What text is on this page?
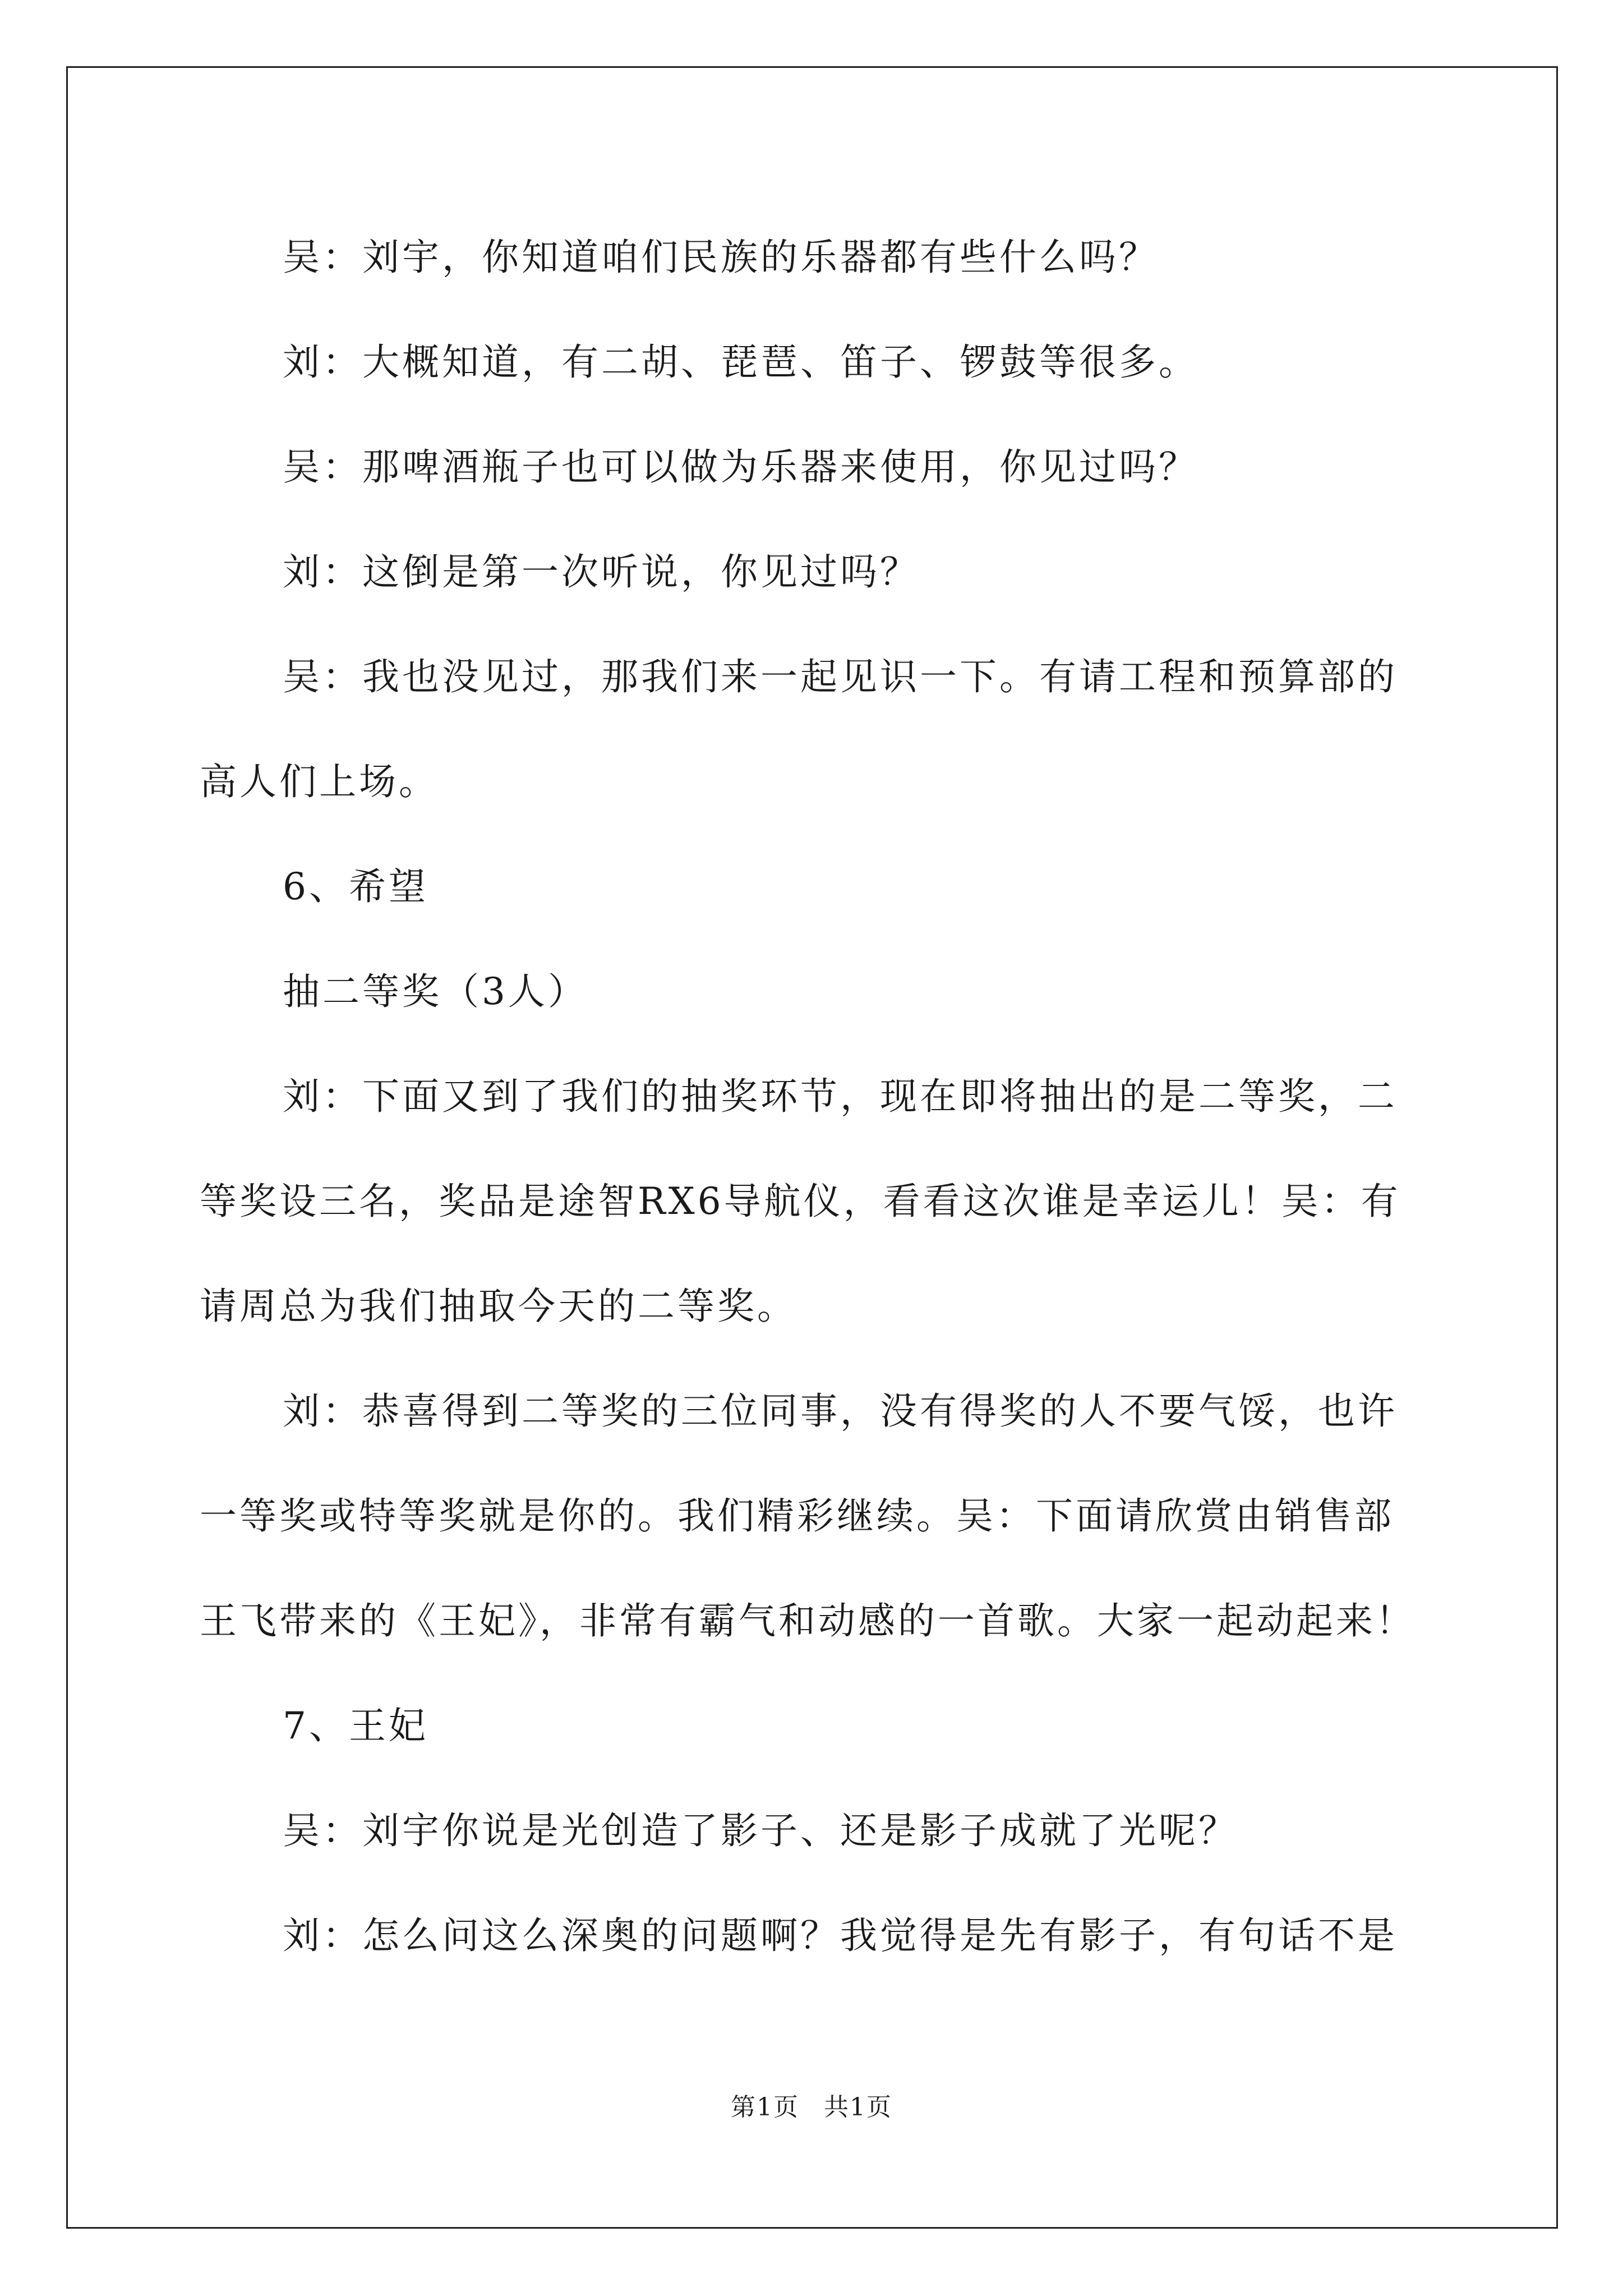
吴：刘宇，你知道咱们民族的乐器都有些什么吗？

刘：大概知道，有二胡、琵琶、笛子、锣鼓等很多。

吴：那啤酒瓶子也可以做为乐器来使用，你见过吗？

刘：这倒是第一次听说，你见过吗？

吴：我也没见过，那我们来一起见识一下。有请工程和预算部的高人们上场。

6、希望

抽二等奖（3人）

刘：下面又到了我们的抽奖环节，现在即将抽出的是二等奖，二等奖设三名，奖品是途智RX6导航仪，看看这次谁是幸运儿！吴：有请周总为我们抽取今天的二等奖。

刘：恭喜得到二等奖的三位同事，没有得奖的人不要气馁，也许一等奖或特等奖就是你的。我们精彩继续。吴：下面请欣赏由销售部王飞带来的《王妃》，非常有霸气和动感的一首歌。大家一起动起来！

7、王妃

吴：刘宇你说是光创造了影子、还是影子成就了光呢？

刘：怎么问这么深奥的问题啊？我觉得是先有影子，有句话不是

第1页 共1页
